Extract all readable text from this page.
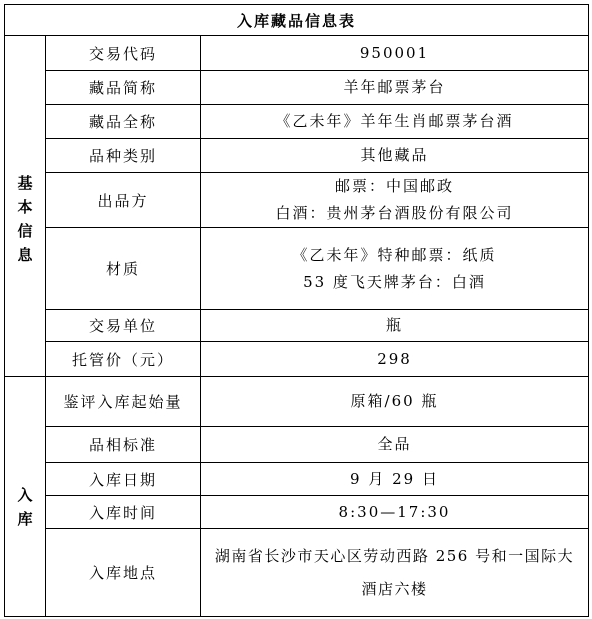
入库藏品信息表		
基本信息	交易代码	950001

	藏品简称	羊年邮票茅台

	藏品全称	《乙未年》羊年生肖邮票茅台酒

	品种类别	其他藏品

	出品方	邮票：中国邮政
白酒：贵州茅台酒股份有限公司

	材质	《乙未年》特种邮票：纸质
53 度飞天牌茅台：白酒

	交易单位	瓶

	托管价（元）	298

入库	鉴评入库起始量	原箱/60 瓶

	品相标准	全品

	入库日期	9 月 29 日

	入库时间	8:30—17:30

	入库地点	湖南省长沙市天心区劳动西路 256 号和一国际大
酒店六楼
